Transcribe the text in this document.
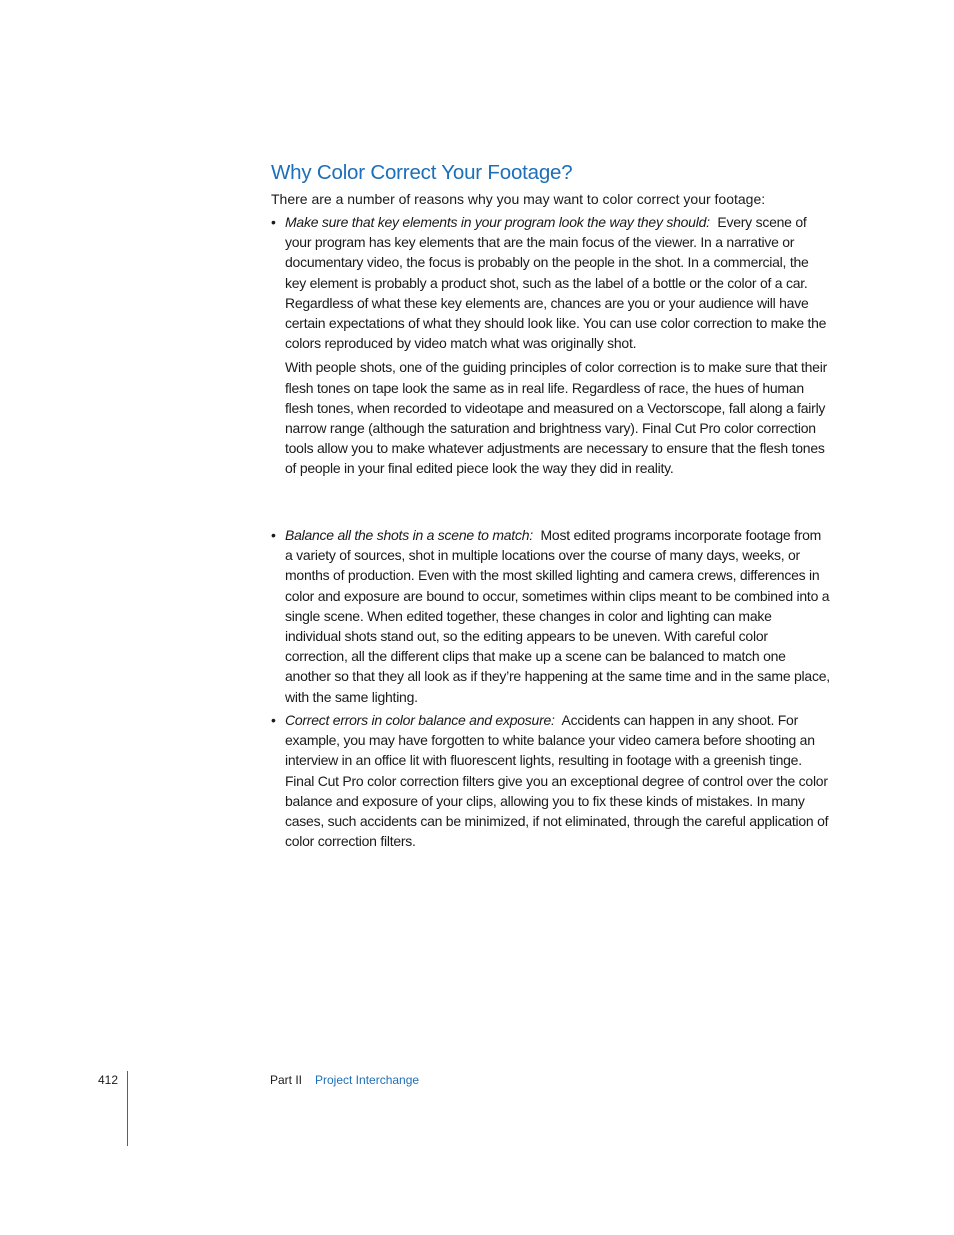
Why Color Correct Your Footage?

There are a number of reasons why you may want to color correct your footage:

• Make sure that key elements in your program look the way they should: Every scene of your program has key elements that are the main focus of the viewer. In a narrative or documentary video, the focus is probably on the people in the shot. In a commercial, the key element is probably a product shot, such as the label of a bottle or the color of a car. Regardless of what these key elements are, chances are you or your audience will have certain expectations of what they should look like. You can use color correction to make the colors reproduced by video match what was originally shot.

With people shots, one of the guiding principles of color correction is to make sure that their flesh tones on tape look the same as in real life. Regardless of race, the hues of human flesh tones, when recorded to videotape and measured on a Vectorscope, fall along a fairly narrow range (although the saturation and brightness vary). Final Cut Pro color correction tools allow you to make whatever adjustments are necessary to ensure that the flesh tones of people in your final edited piece look the way they did in reality.

• Balance all the shots in a scene to match: Most edited programs incorporate footage from a variety of sources, shot in multiple locations over the course of many days, weeks, or months of production. Even with the most skilled lighting and camera crews, differences in color and exposure are bound to occur, sometimes within clips meant to be combined into a single scene. When edited together, these changes in color and lighting can make individual shots stand out, so the editing appears to be uneven. With careful color correction, all the different clips that make up a scene can be balanced to match one another so that they all look as if they’re happening at the same time and in the same place, with the same lighting.

• Correct errors in color balance and exposure: Accidents can happen in any shoot. For example, you may have forgotten to white balance your video camera before shooting an interview in an office lit with fluorescent lights, resulting in footage with a greenish tinge. Final Cut Pro color correction filters give you an exceptional degree of control over the color balance and exposure of your clips, allowing you to fix these kinds of mistakes. In many cases, such accidents can be minimized, if not eliminated, through the careful application of color correction filters.

412	Part II Project Interchange
